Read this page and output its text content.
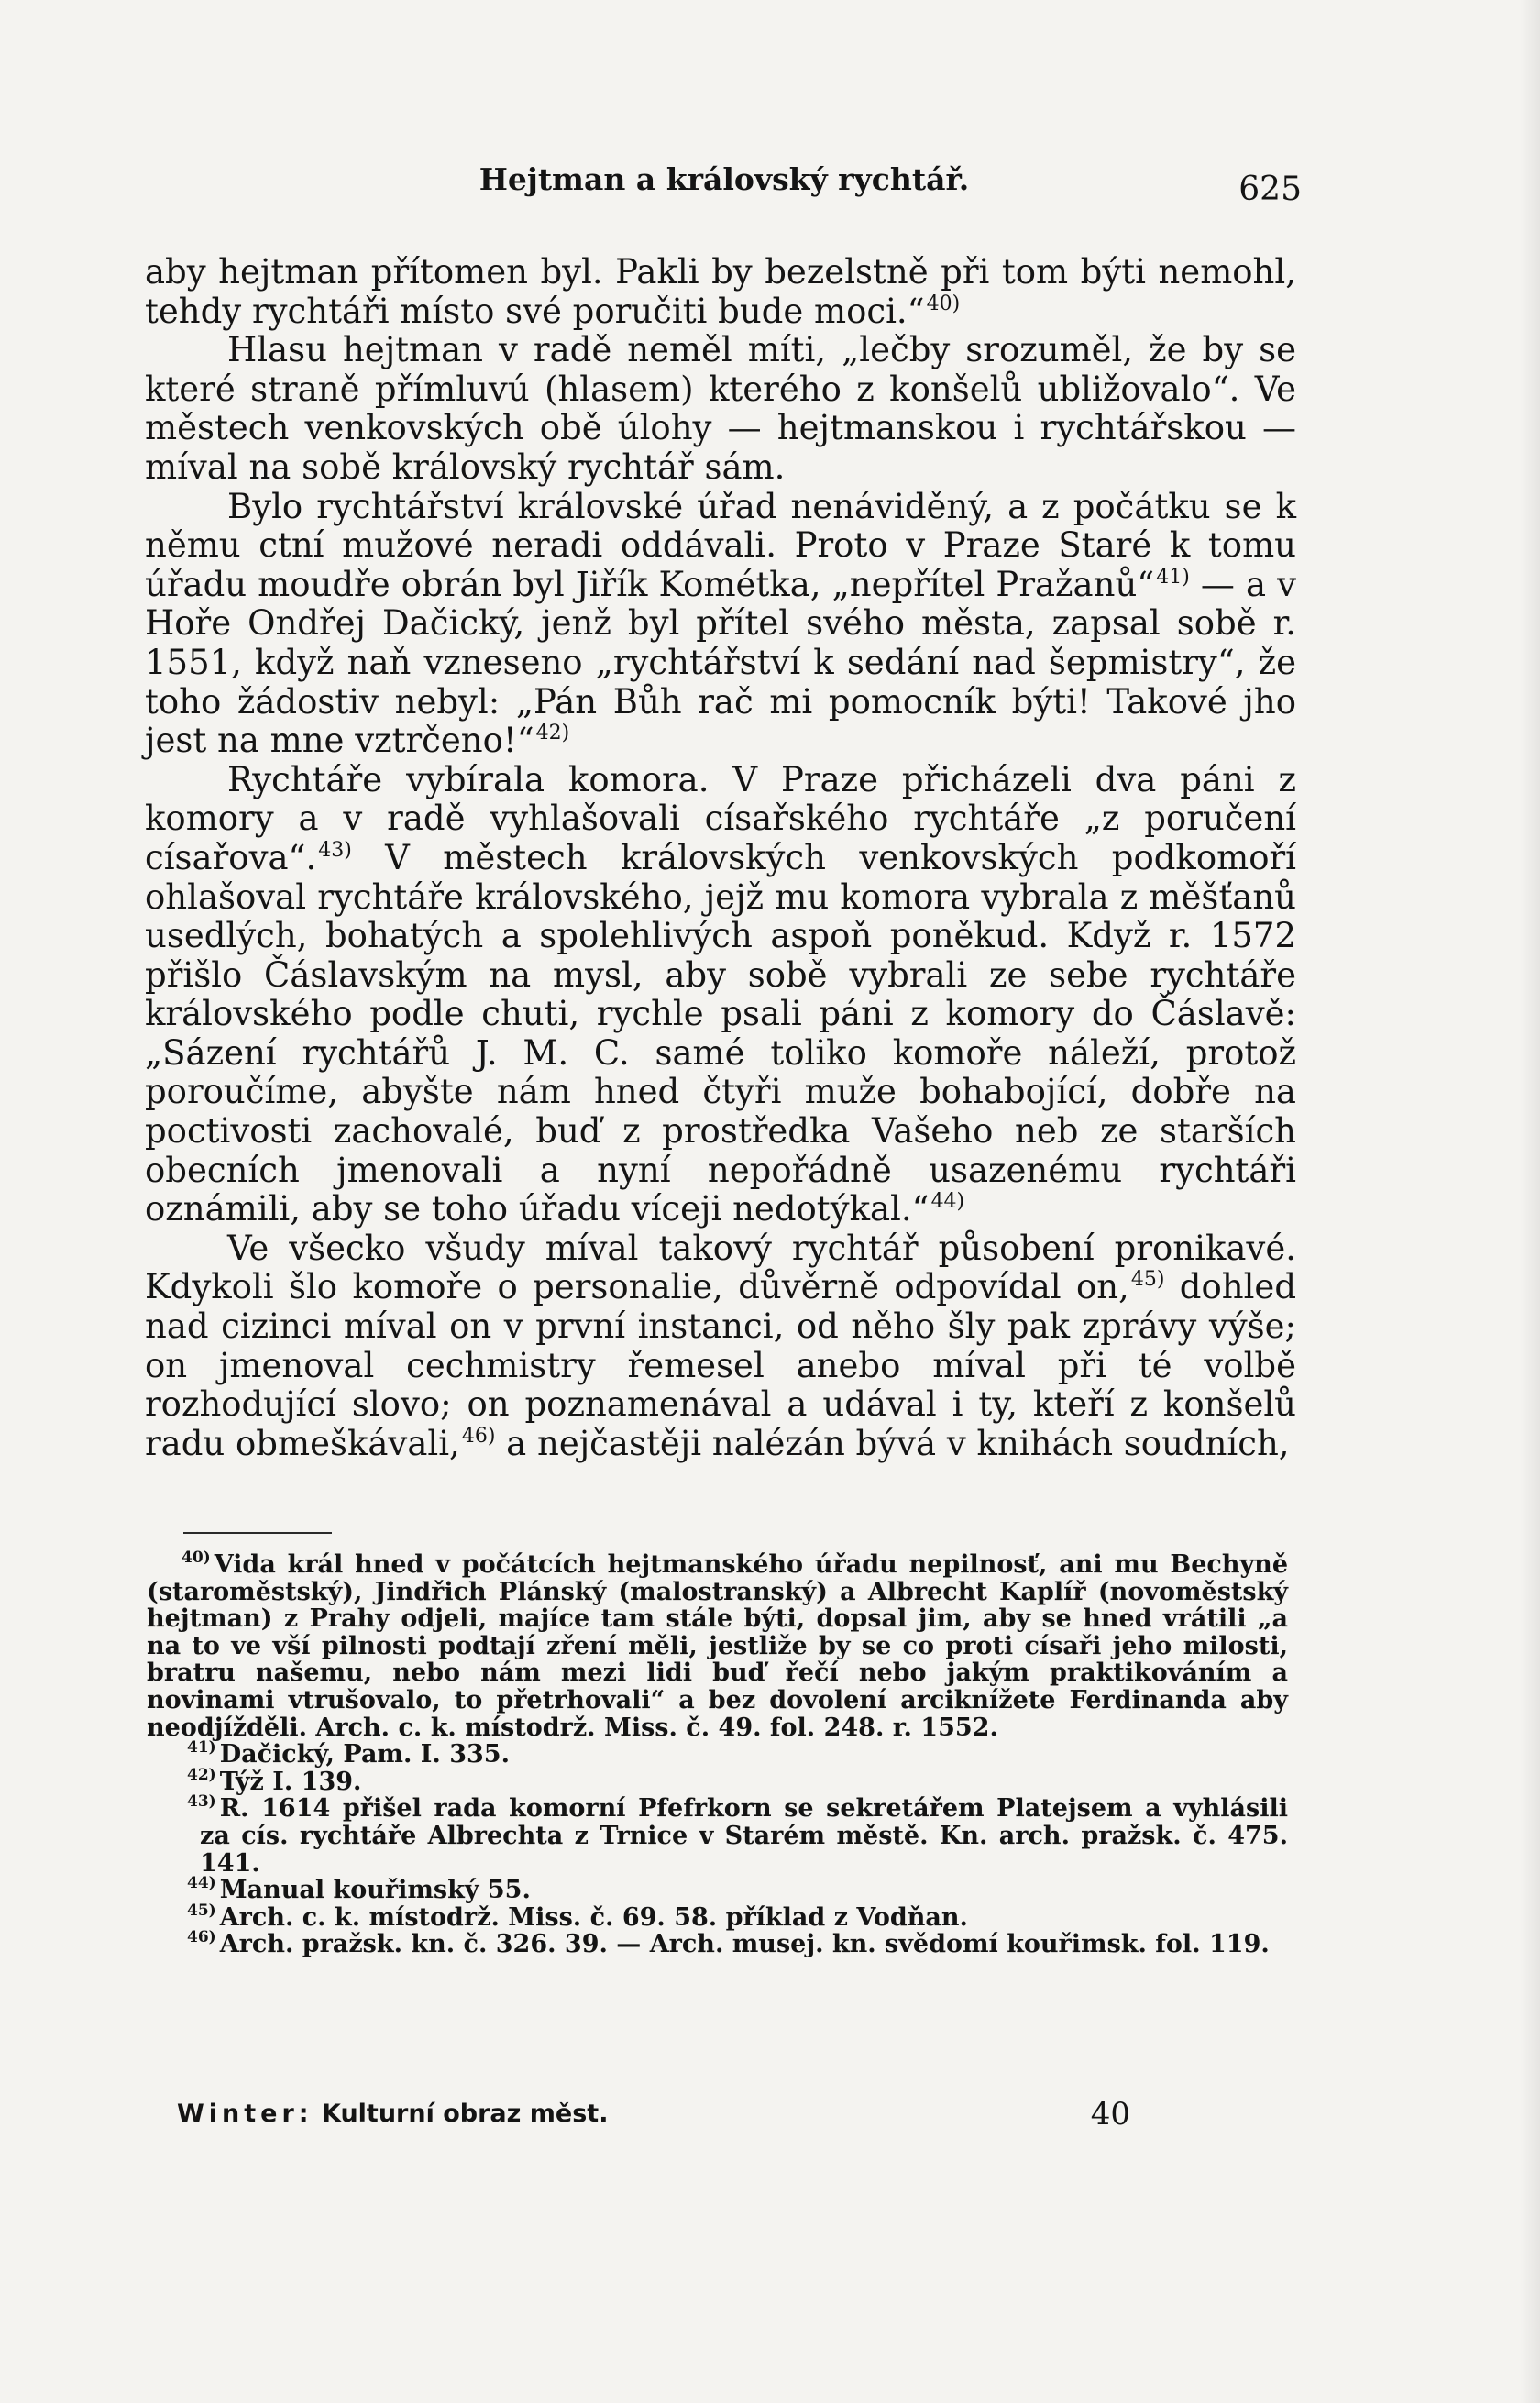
Hejtman a královský rychtář.	625

aby hejtman přítomen byl. Pakli by bezelstně při tom býti nemohl, tehdy rychtáři místo své poručiti bude moci.“$^{40)}$

Hlasu hejtman v radě neměl míti, „lečby srozuměl, že by se které straně přímluvú (hlasem) kterého z konšelů ubližovalo“. Ve městech venkovských obě úlohy — hejtmanskou i rychtářskou — míval na sobě královský rychtář sám.

Bylo rychtářství královské úřad nenáviděný, a z počátku se k němu ctní mužové neradi oddávali. Proto v Praze Staré k tomu úřadu moudře obrán byl Jiřík Kométka, „nepřítel Pražanů“$^{41)}$ — a v Hoře Ondřej Dačický, jenž byl přítel svého města, zapsal sobě r. 1551, když naň vzneseno „rychtářství k sedání nad šepmistry“, že toho žádostiv nebyl: „Pán Bůh rač mi pomocník býti! Takové jho jest na mne vztrčeno!“$^{42)}$

Rychtáře vybírala komora. V Praze přicházeli dva páni z komory a v radě vyhlašovali císařského rychtáře „z poručení císařova“.$^{43)}$ V městech královských venkovských podkomoří ohlašoval rychtáře královského, jejž mu komora vybrala z měšťanů usedlých, bohatých a spolehlivých aspoň poněkud. Když r. 1572 přišlo Čáslavským na mysl, aby sobě vybrali ze sebe rychtáře královského podle chuti, rychle psali páni z komory do Čáslavě: „Sázení rychtářů J. M. C. samé toliko komoře náleží, protož poroučíme, abyšte nám hned čtyři muže bohabojící, dobře na poctivosti zachovalé, buď z prostředka Vašeho neb ze starších obecních jmenovali a nyní nepořádně usazenému rychtáři oznámili, aby se toho úřadu víceji nedotýkal.“$^{44)}$

Ve všecko všudy míval takový rychtář působení pronikavé. Kdykoli šlo komoře o personalie, důvěrně odpovídal on,$^{45)}$ dohled nad cizinci míval on v první instanci, od něho šly pak zprávy výše; on jmenoval cechmistry řemesel anebo míval při té volbě rozhodující slovo; on poznamenával a udával i ty, kteří z konšelů radu obmeškávali,$^{46)}$ a nejčastěji nalézán bývá v knihách soudních,

$^{40)}$ Vida král hned v počátcích hejtmanského úřadu nepilnosť, ani mu Bechyně (staroměstský), Jindřich Plánský (malostranský) a Albrecht Kaplíř (novoměstský hejtman) z Prahy odjeli, majíce tam stále býti, dopsal jim, aby se hned vrátili „a na to ve vší pilnosti podtají zření měli, jestliže by se co proti císaři jeho milosti, bratru našemu, nebo nám mezi lidi buď řečí nebo jakým praktikováním a novinami vtrušovalo, to přetrhovali“ a bez dovolení arciknížete Ferdinanda aby neodjížděli. Arch. c. k. místodrž. Miss. č. 49. fol. 248. r. 1552.

$^{41)}$ Dačický, Pam. I. 335.

$^{42)}$ Týž I. 139.

$^{43)}$ R. 1614 přišel rada komorní Pfefrkorn se sekretářem Platejsem a vyhlásili za cís. rychtáře Albrechta z Trnice v Starém městě. Kn. arch. pražsk. č. 475. 141.

$^{44)}$ Manual kouřimský 55.

$^{45)}$ Arch. c. k. místodrž. Miss. č. 69. 58. příklad z Vodňan.

$^{46)}$ Arch. pražsk. kn. č. 326. 39. — Arch. musej. kn. svědomí kouřimsk. fol. 119.

Winter: Kulturní obraz měst.	40
